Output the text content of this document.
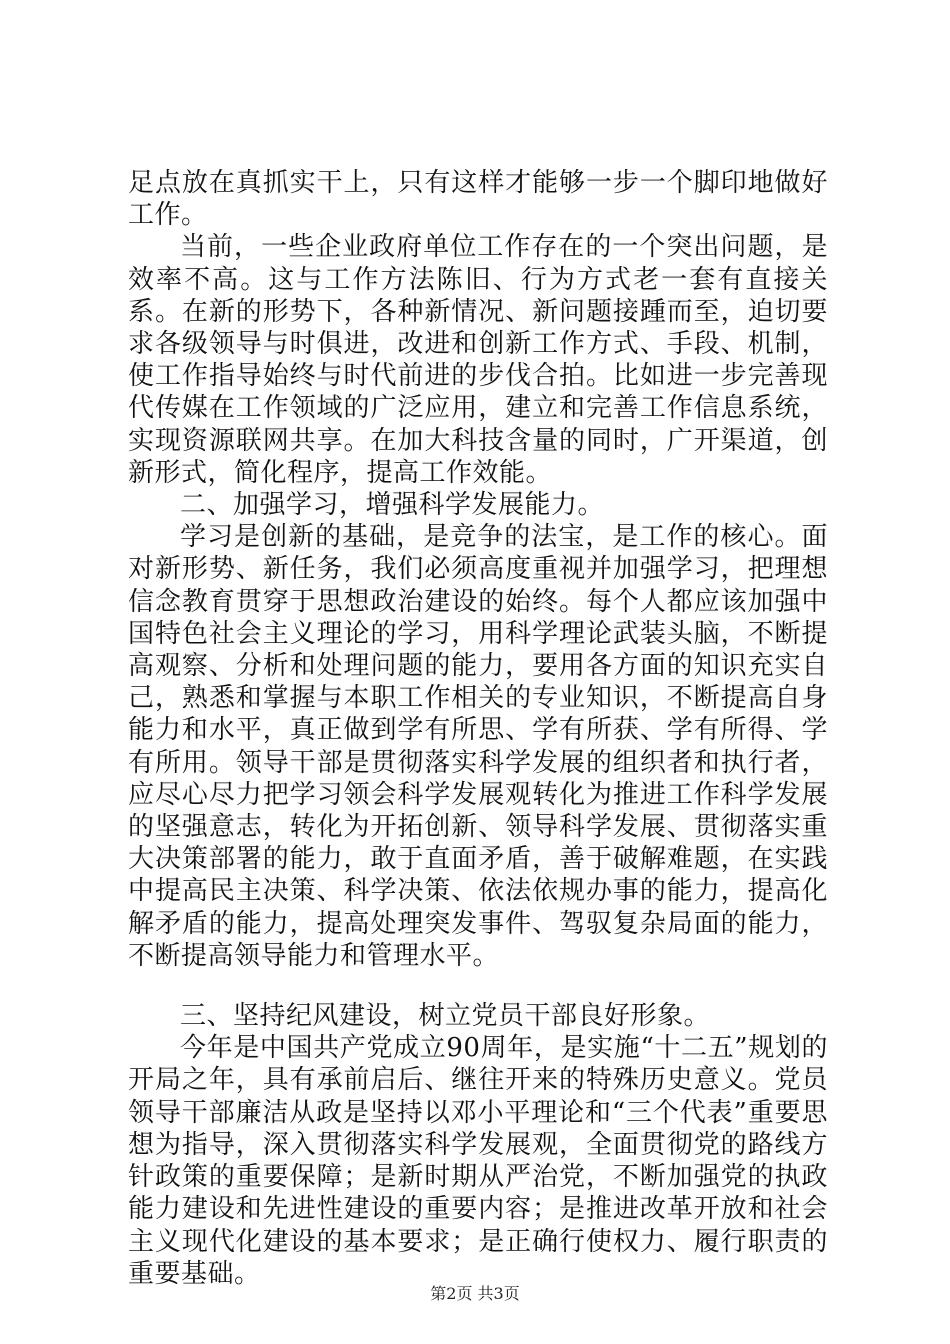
足点放在真抓实干上，只有这样才能够一步一个脚印地做好工作。

当前，一些企业政府单位工作存在的一个突出问题，是效率不高。这与工作方法陈旧、行为方式老一套有直接关系。在新的形势下，各种新情况、新问题接踵而至，迫切要求各级领导与时俱进，改进和创新工作方式、手段、机制，使工作指导始终与时代前进的步伐合拍。比如进一步完善现代传媒在工作领域的广泛应用，建立和完善工作信息系统，实现资源联网共享。在加大科技含量的同时，广开渠道，创新形式，简化程序，提高工作效能。

二、加强学习，增强科学发展能力。

学习是创新的基础，是竞争的法宝，是工作的核心。面对新形势、新任务，我们必须高度重视并加强学习，把理想信念教育贯穿于思想政治建设的始终。每个人都应该加强中国特色社会主义理论的学习，用科学理论武装头脑，不断提高观察、分析和处理问题的能力，要用各方面的知识充实自己，熟悉和掌握与本职工作相关的专业知识，不断提高自身能力和水平，真正做到学有所思、学有所获、学有所得、学有所用。领导干部是贯彻落实科学发展的组织者和执行者，应尽心尽力把学习领会科学发展观转化为推进工作科学发展的坚强意志，转化为开拓创新、领导科学发展、贯彻落实重大决策部署的能力，敢于直面矛盾，善于破解难题，在实践中提高民主决策、科学决策、依法依规办事的能力，提高化解矛盾的能力，提高处理突发事件、驾驭复杂局面的能力，不断提高领导能力和管理水平。

三、坚持纪风建设，树立党员干部良好形象。

今年是中国共产党成立90周年，是实施“十二五”规划的开局之年，具有承前启后、继往开来的特殊历史意义。党员领导干部廉洁从政是坚持以邓小平理论和“三个代表”重要思想为指导，深入贯彻落实科学发展观，全面贯彻党的路线方针政策的重要保障；是新时期从严治党，不断加强党的执政能力建设和先进性建设的重要内容；是推进改革开放和社会主义现代化建设的基本要求；是正确行使权力、履行职责的重要基础。

第2页 共3页
